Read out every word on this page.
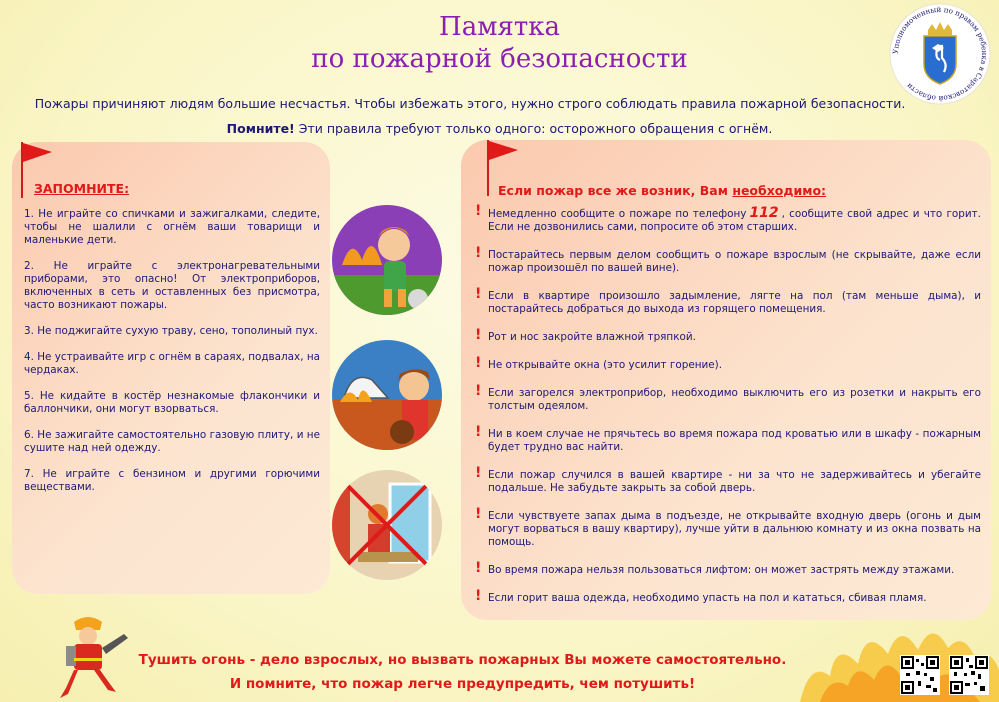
Памятка
по пожарной безопасности	Уполномоченный по правам ребенка в Саратовской области
Пожары причиняют людям большие несчастья. Чтобы избежать этого, нужно строго соблюдать правила пожарной безопасности.
Помните! Эти правила требуют только одного: осторожного обращения с огнём.
ЗАПОМНИТЕ:
1. Не играйте со спичками и зажигалками, следите, чтобы не шалили с огнём ваши товарищи и маленькие дети.
2. Не играйте с электронагревательными приборами, это опасно! От электроприборов, включенных в сеть и оставленных без присмотра, часто возникают пожары.
3. Не поджигайте сухую траву, сено, тополиный пух.
4. Не устраивайте игр с огнём в сараях, подвалах, на чердаках.
5. Не кидайте в костёр незнакомые флакончики и баллончики, они могут взорваться.
6. Не зажигайте самостоятельно газовую плиту, и не сушите над ней одежду.
7. Не играйте с бензином и другими горючими веществами.
Если пожар все же возник, Вам необходимо:
! Немедленно сообщите о пожаре по телефону 112 , сообщите свой адрес и что горит. Если не дозвонились сами, попросите об этом старших.
! Постарайтесь первым делом сообщить о пожаре взрослым (не скрывайте, даже если пожар произошёл по вашей вине).
! Если в квартире произошло задымление, лягте на пол (там меньше дыма), и постарайтесь добраться до выхода из горящего помещения.
! Рот и нос закройте влажной тряпкой.
! Не открывайте окна (это усилит горение).
! Если загорелся электроприбор, необходимо выключить его из розетки и накрыть его толстым одеялом.
! Ни в коем случае не прячьтесь во время пожара под кроватью или в шкафу - пожарным будет трудно вас найти.
! Если пожар случился в вашей квартире - ни за что не задерживайтесь и убегайте подальше. Не забудьте закрыть за собой дверь.
! Если чувствуете запах дыма в подъезде, не открывайте входную дверь (огонь и дым могут ворваться в вашу квартиру), лучше уйти в дальнюю комнату и из окна позвать на помощь.
! Во время пожара нельзя пользоваться лифтом: он может застрять между этажами.
! Если горит ваша одежда, необходимо упасть на пол и кататься, сбивая пламя.
Тушить огонь - дело взрослых, но вызвать пожарных Вы можете самостоятельно.
И помните, что пожар легче предупредить, чем потушить!
